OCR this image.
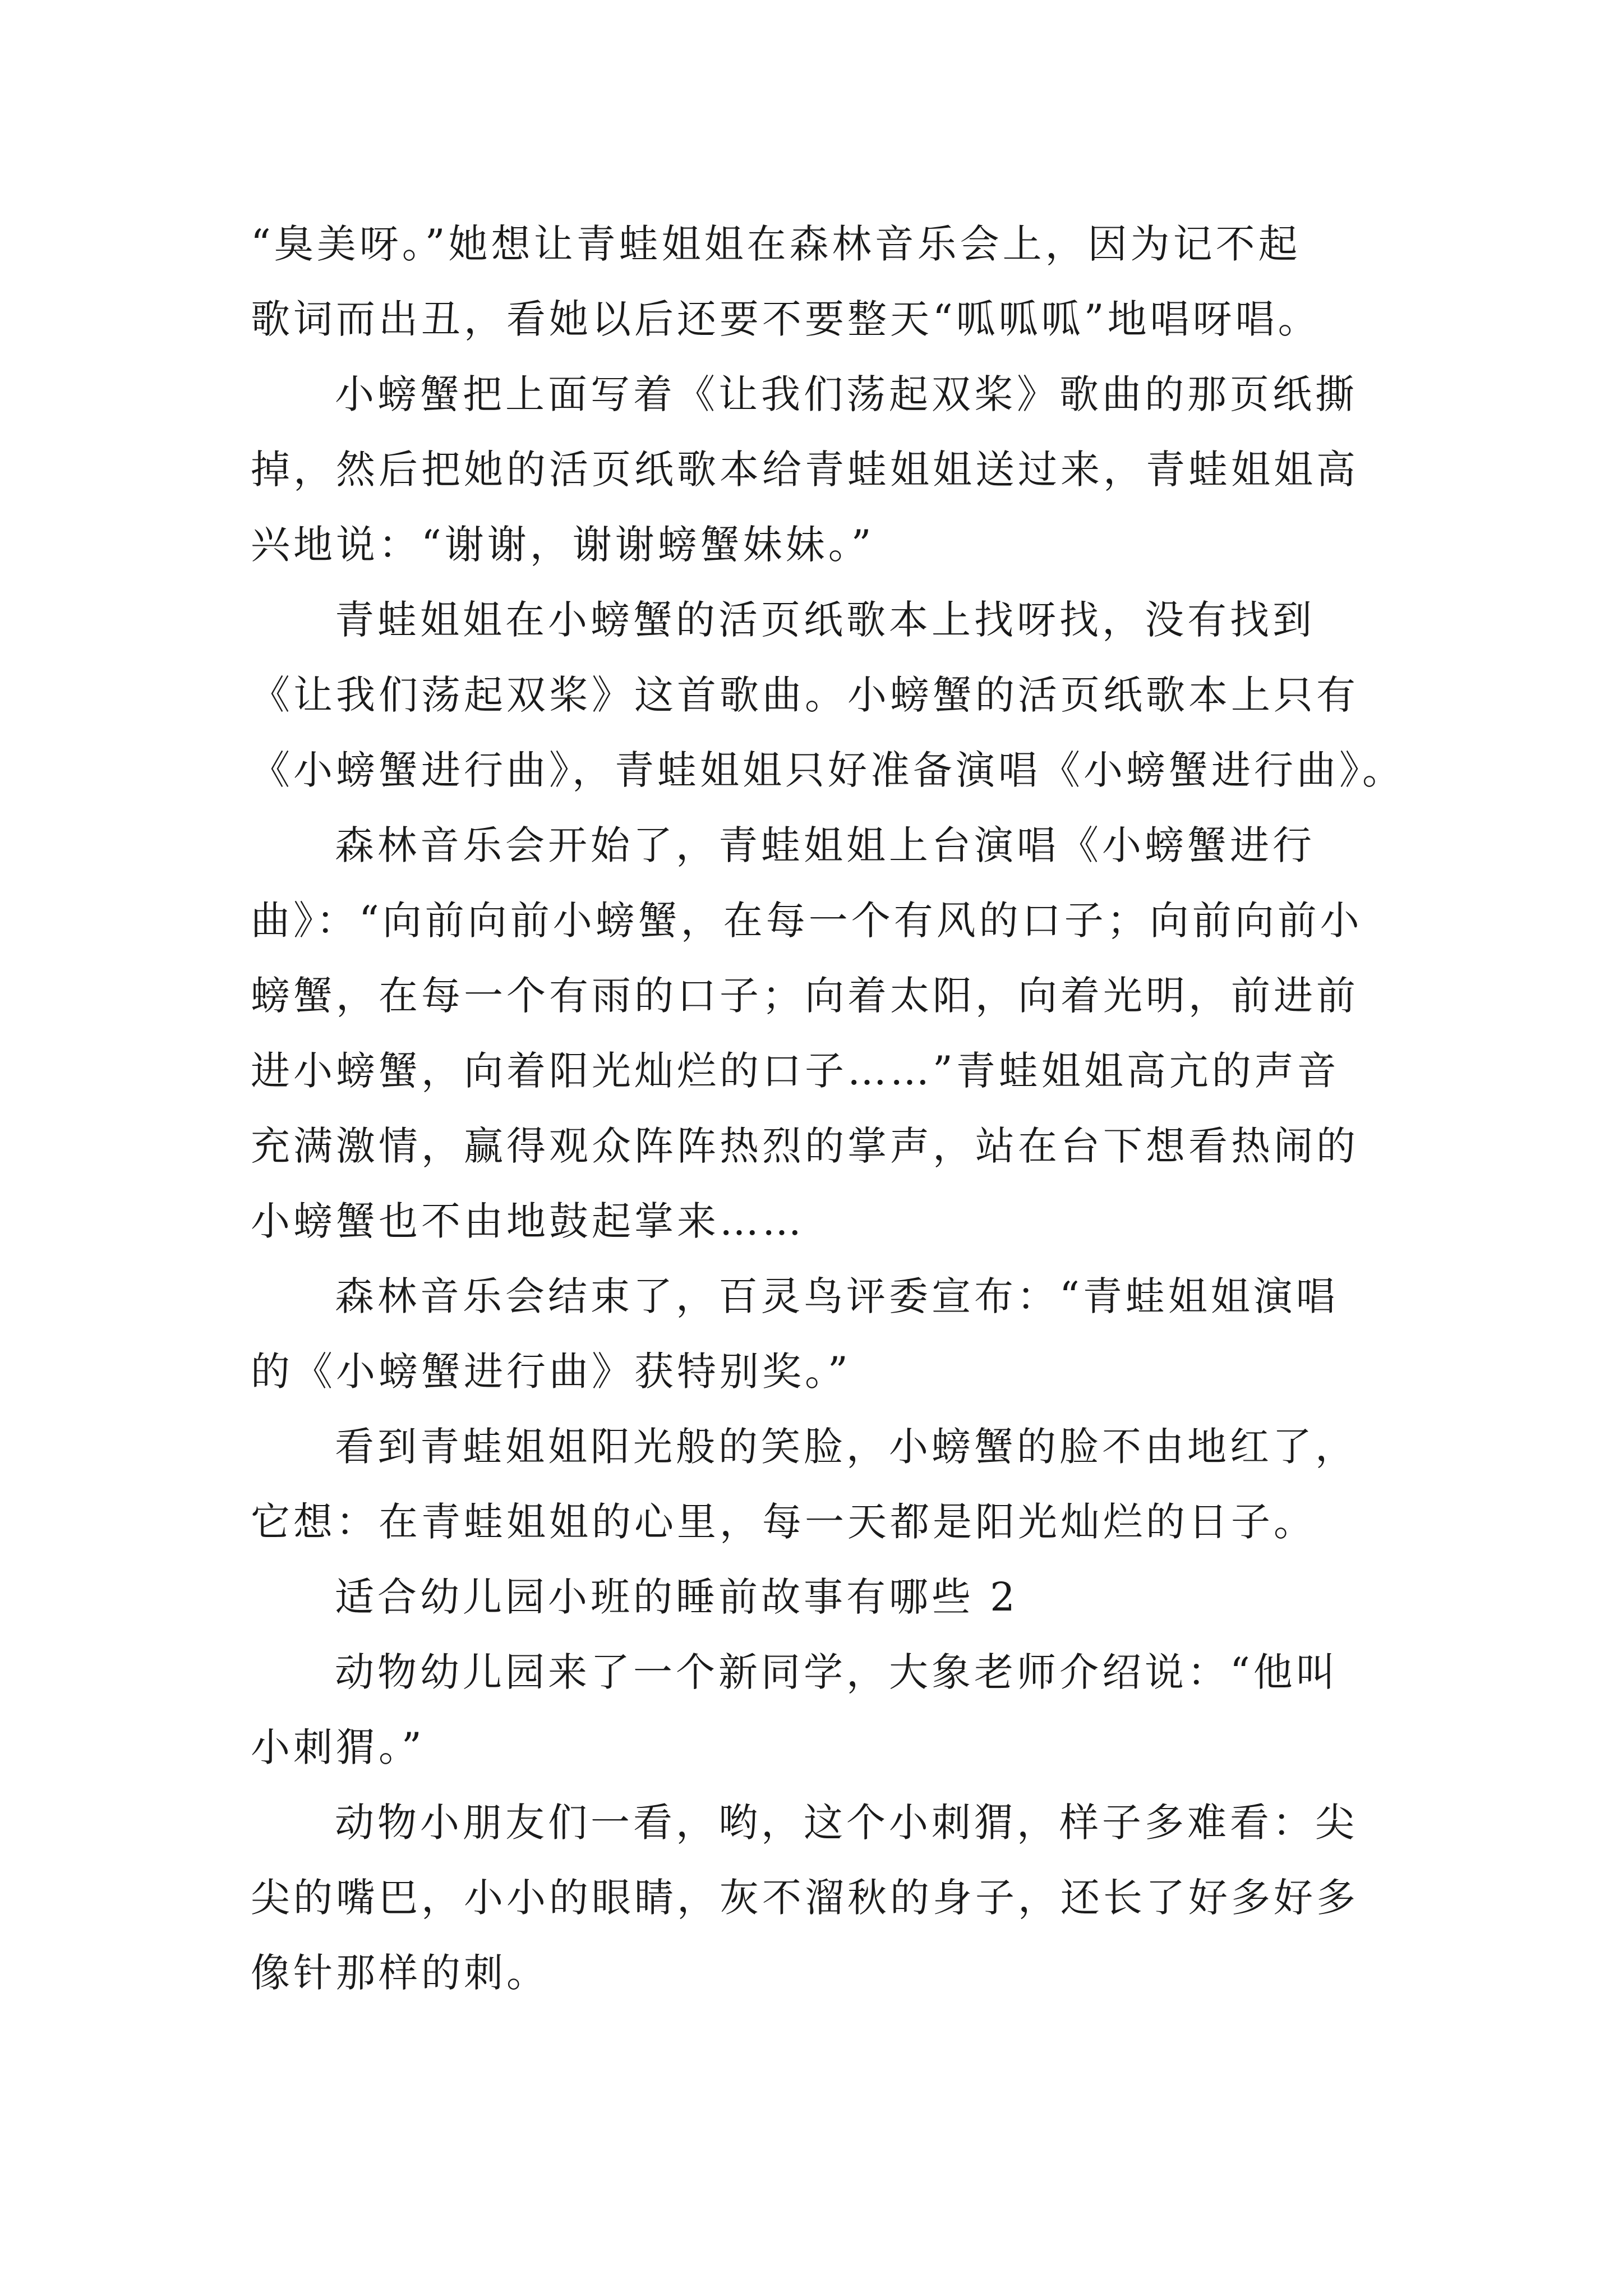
“臭美呀。”她想让青蛙姐姐在森林音乐会上，因为记不起
歌词而出丑，看她以后还要不要整天“呱呱呱”地唱呀唱。
小螃蟹把上面写着《让我们荡起双桨》歌曲的那页纸撕
掉，然后把她的活页纸歌本给青蛙姐姐送过来，青蛙姐姐高
兴地说：“谢谢，谢谢螃蟹妹妹。”
青蛙姐姐在小螃蟹的活页纸歌本上找呀找，没有找到
《让我们荡起双桨》这首歌曲。小螃蟹的活页纸歌本上只有
《小螃蟹进行曲》，青蛙姐姐只好准备演唱《小螃蟹进行曲》。
森林音乐会开始了，青蛙姐姐上台演唱《小螃蟹进行
曲》：“向前向前小螃蟹，在每一个有风的口子；向前向前小
螃蟹，在每一个有雨的口子；向着太阳，向着光明，前进前
进小螃蟹，向着阳光灿烂的口子……”青蛙姐姐高亢的声音
充满激情，赢得观众阵阵热烈的掌声，站在台下想看热闹的
小螃蟹也不由地鼓起掌来……
森林音乐会结束了，百灵鸟评委宣布：“青蛙姐姐演唱
的《小螃蟹进行曲》获特别奖。”
看到青蛙姐姐阳光般的笑脸，小螃蟹的脸不由地红了，
它想：在青蛙姐姐的心里，每一天都是阳光灿烂的日子。
适合幼儿园小班的睡前故事有哪些 2
动物幼儿园来了一个新同学，大象老师介绍说：“他叫
小刺猬。”
动物小朋友们一看，哟，这个小刺猬，样子多难看：尖
尖的嘴巴，小小的眼睛，灰不溜秋的身子，还长了好多好多
像针那样的刺。
